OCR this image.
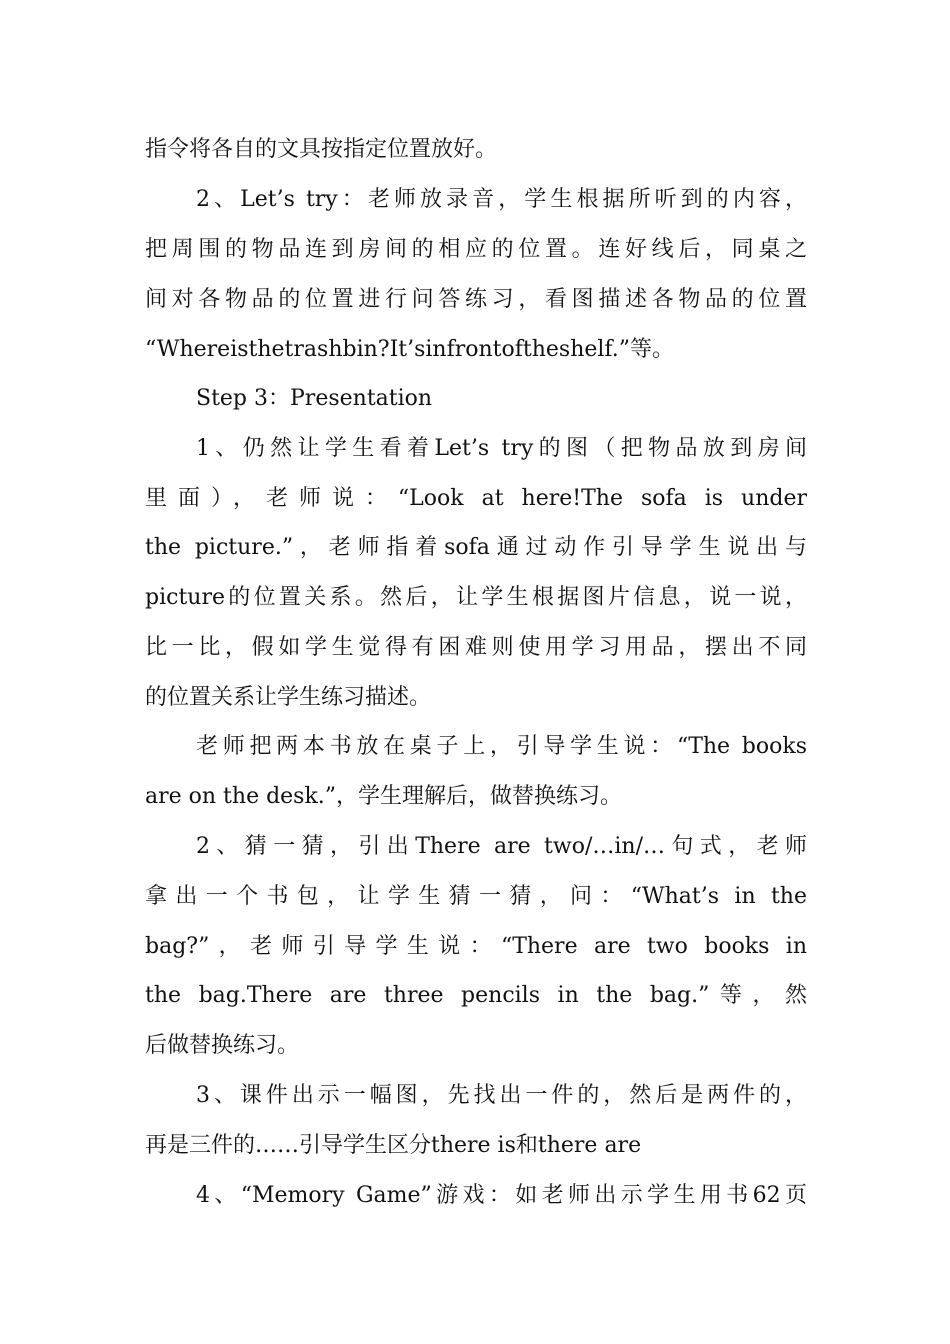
指令将各自的文具按指定位置放好。
2、Let’s try：老师放录音，学生根据所听到的内容，
把周围的物品连到房间的相应的位置。连好线后，同桌之
间对各物品的位置进行问答练习，看图描述各物品的位置
“Whereisthetrashbin?It’sinfrontoftheshelf.”等。
Step 3：Presentation
1、仍然让学生看着Let’s try的图（把物品放到房间
里面），老师说：“Look at here!The sofa is under
the picture.”，老师指着sofa通过动作引导学生说出与
picture的位置关系。然后，让学生根据图片信息，说一说，
比一比，假如学生觉得有困难则使用学习用品，摆出不同
的位置关系让学生练习描述。
老师把两本书放在桌子上，引导学生说：“The books
are on the desk.”，学生理解后，做替换练习。
2、猜一猜，引出There are two/…in/…句式，老师
拿出一个书包，让学生猜一猜，问：“What’s in the
bag?”，老师引导学生说：“There are two books in
the bag.There are three pencils in the bag.”等，然
后做替换练习。
3、课件出示一幅图，先找出一件的，然后是两件的，
再是三件的……引导学生区分there is和there are
4、“Memory Game”游戏：如老师出示学生用书62页
